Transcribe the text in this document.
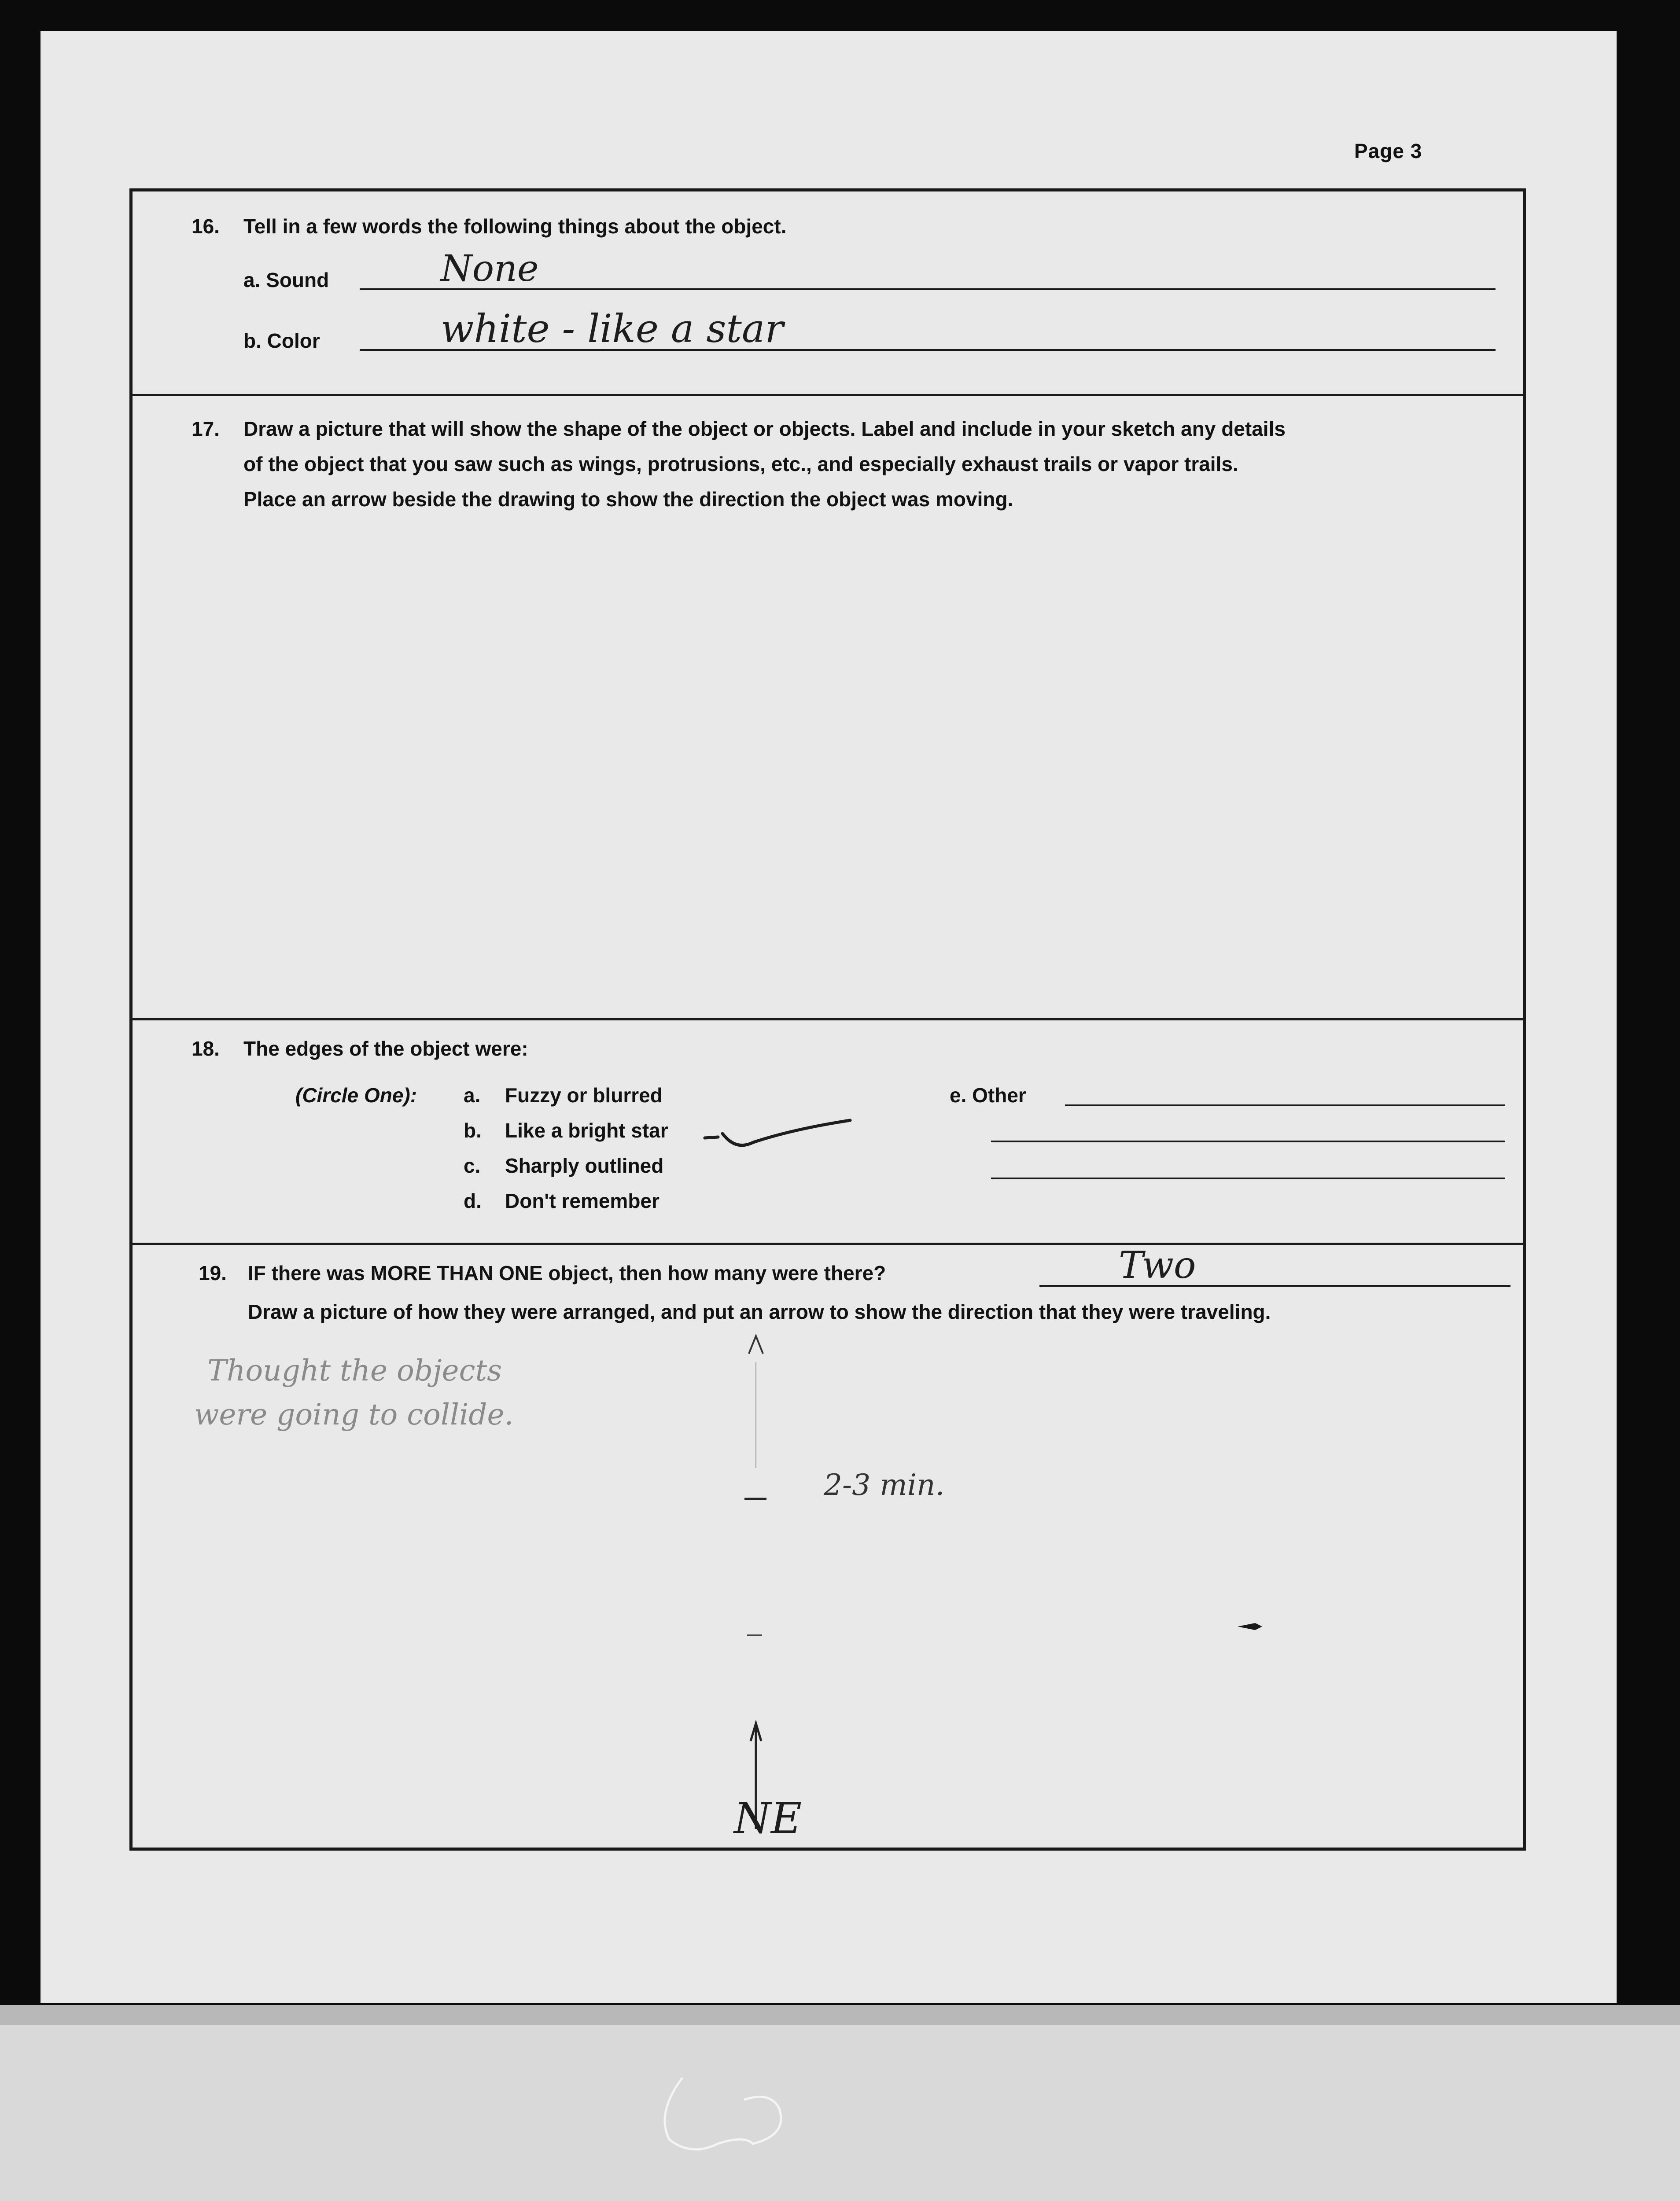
Page 3
16. Tell in a few words the following things about the object.
a. Sound	None
b. Color	white - like a star
17. Draw a picture that will show the shape of the object or objects. Label and include in your sketch any details
of the object that you saw such as wings, protrusions, etc., and especially exhaust trails or vapor trails.
Place an arrow beside the drawing to show the direction the object was moving.
18. The edges of the object were:
(Circle One): a. Fuzzy or blurred
b. Like a bright star
c. Sharply outlined
d. Don't remember
e. Other
19. IF there was MORE THAN ONE object, then how many were there?	Two
Draw a picture of how they were arranged, and put an arrow to show the direction that they were traveling.
Thought the objects
were going to collide.
2-3 min.
NE
